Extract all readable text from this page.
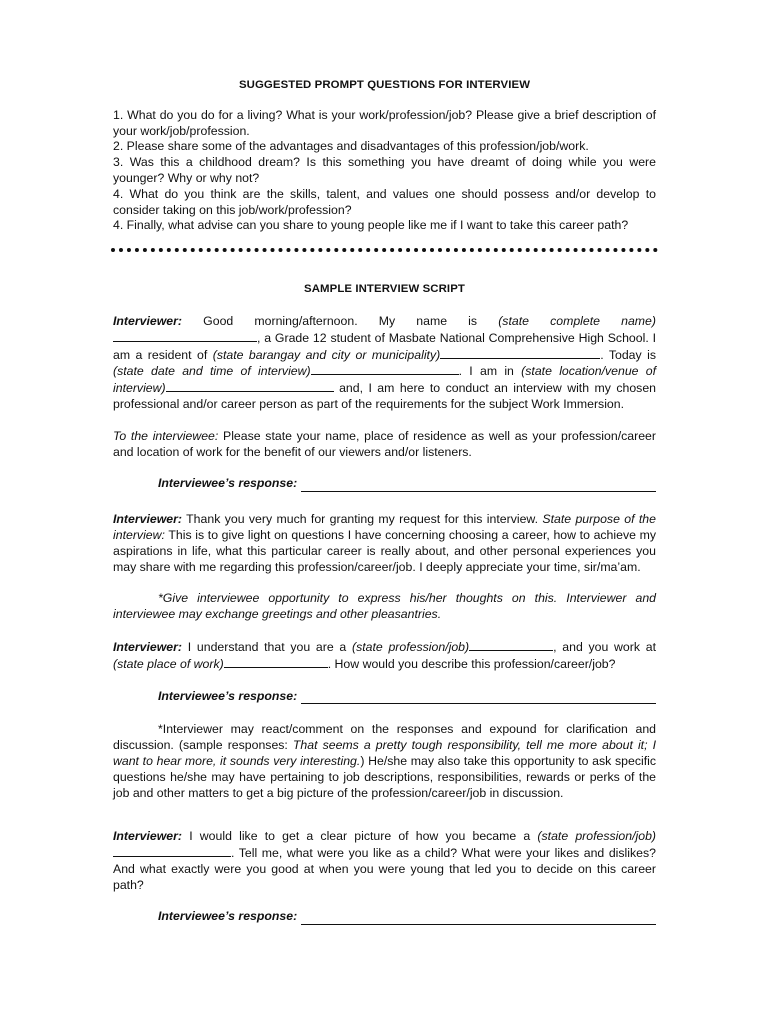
SUGGESTED PROMPT QUESTIONS FOR INTERVIEW

1. What do you do for a living? What is your work/profession/job? Please give a brief description of your work/job/profession.

2. Please share some of the advantages and disadvantages of this profession/job/work.

3. Was this a childhood dream? Is this something you have dreamt of doing while you were younger? Why or why not?

4. What do you think are the skills, talent, and values one should possess and/or develop to consider taking on this job/work/profession?

4. Finally, what advise can you share to young people like me if I want to take this career path?

SAMPLE INTERVIEW SCRIPT

Interviewer: Good morning/afternoon. My name is (state complete name) , a Grade 12 student of Masbate National Comprehensive High School. I am a resident of (state barangay and city or municipality)	. Today is (state date and time of interview)	. I am in (state location/venue of interview)	and, I am here to conduct an interview with my chosen professional and/or career person as part of the requirements for the subject Work Immersion.

To the interviewee: Please state your name, place of residence as well as your profession/career and location of work for the benefit of our viewers and/or listeners.

Interviewee’s response:

Interviewer: Thank you very much for granting my request for this interview. State purpose of the interview: This is to give light on questions I have concerning choosing a career, how to achieve my aspirations in life, what this particular career is really about, and other personal experiences you may share with me regarding this profession/career/job. I deeply appreciate your time, sir/ma’am.

*Give interviewee opportunity to express his/her thoughts on this. Interviewer and interviewee may exchange greetings and other pleasantries.

Interviewer: I understand that you are a (state profession/job)	, and you work at (state place of work)	. How would you describe this profession/career/job?

Interviewee’s response:

*Interviewer may react/comment on the responses and expound for clarification and discussion. (sample responses: That seems a pretty tough responsibility, tell me more about it; I want to hear more, it sounds very interesting.) He/she may also take this opportunity to ask specific questions he/she may have pertaining to job descriptions, responsibilities, rewards or perks of the job and other matters to get a big picture of the profession/career/job in discussion.

Interviewer: I would like to get a clear picture of how you became a (state profession/job). Tell me, what were you like as a child? What were your likes and dislikes? And what exactly were you good at when you were young that led you to decide on this career path?

Interviewee’s response:
